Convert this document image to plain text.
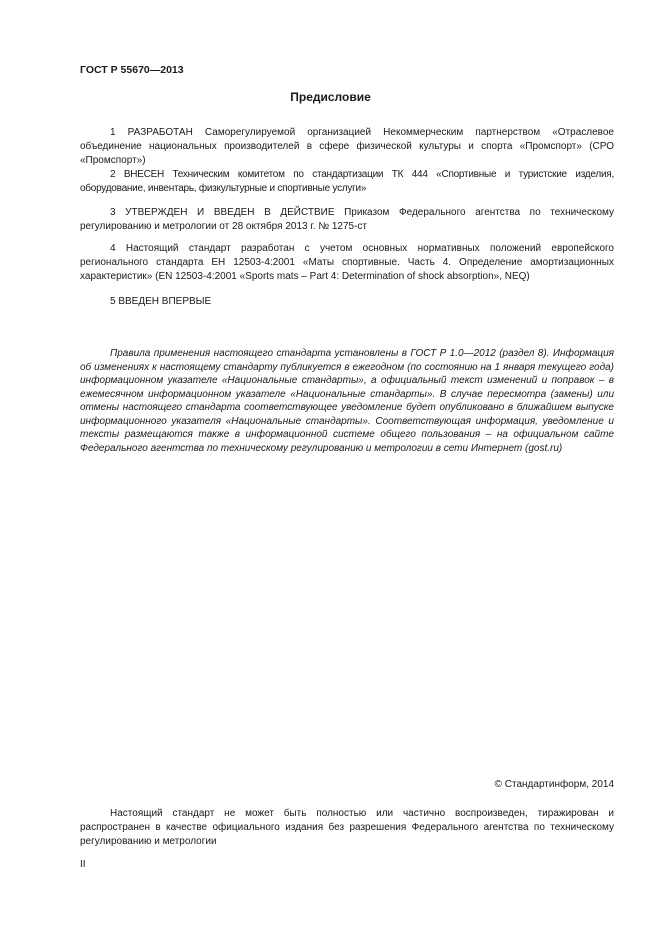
ГОСТ Р 55670—2013
Предисловие

1 РАЗРАБОТАН Саморегулируемой организацией Некоммерческим партнерством «Отраслевое объединение национальных производителей в сфере физической культуры и спорта «Промспорт» (СРО «Промспорт»)

2 ВНЕСЕН Техническим комитетом по стандартизации ТК 444 «Спортивные и туристские изделия, оборудование, инвентарь, физкультурные и спортивные услуги»

3 УТВЕРЖДЕН И ВВЕДЕН В ДЕЙСТВИЕ Приказом Федерального агентства по техническому регулированию и метрологии от 28 октября 2013 г. № 1275-ст

4 Настоящий стандарт разработан с учетом основных нормативных положений европейского регионального стандарта ЕН 12503-4:2001 «Маты спортивные. Часть 4. Определение амортизационных характеристик» (EN 12503-4:2001 «Sports mats – Part 4: Determination of shock absorption», NEQ)

5 ВВЕДЕН ВПЕРВЫЕ

Правила применения настоящего стандарта установлены в ГОСТ Р 1.0—2012 (раздел 8). Информация об изменениях к настоящему стандарту публикуется в ежегодном (по состоянию на 1 января текущего года) информационном указателе «Национальные стандарты», а официальный текст изменений и поправок – в ежемесячном информационном указателе «Национальные стандарты». В случае пересмотра (замены) или отмены настоящего стандарта соответствующее уведомление будет опубликовано в ближайшем выпуске информационного указателя «Национальные стандарты». Соответствующая информация, уведомление и тексты размещаются также в информационной системе общего пользования – на официальном сайте Федерального агентства по техническому регулированию и метрологии в сети Интернет (gost.ru)

© Стандартинформ, 2014

Настоящий стандарт не может быть полностью или частично воспроизведен, тиражирован и распространен в качестве официального издания без разрешения Федерального агентства по техническому регулированию и метрологии

II
